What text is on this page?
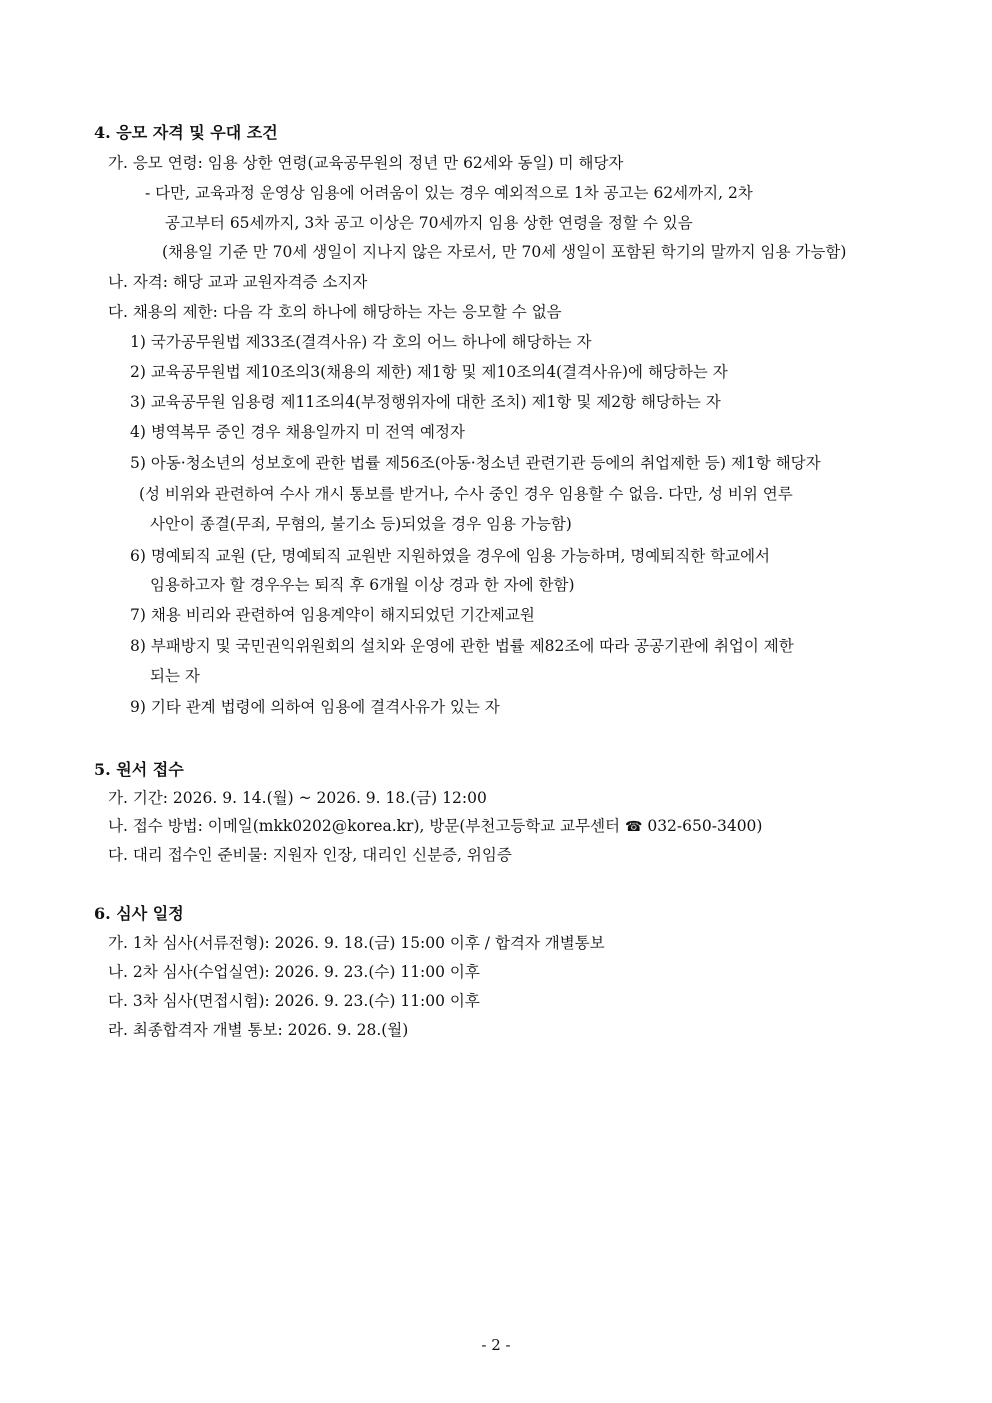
4. 응모 자격 및 우대 조건
가. 응모 연령: 임용 상한 연령(교육공무원의 정년 만 62세와 동일) 미 해당자
- 다만, 교육과정 운영상 임용에 어려움이 있는 경우 예외적으로 1차 공고는 62세까지, 2차
공고부터 65세까지, 3차 공고 이상은 70세까지 임용 상한 연령을 정할 수 있음
(채용일 기준 만 70세 생일이 지나지 않은 자로서, 만 70세 생일이 포함된 학기의 말까지 임용 가능함)
나. 자격: 해당 교과 교원자격증 소지자
다. 채용의 제한: 다음 각 호의 하나에 해당하는 자는 응모할 수 없음
1) 국가공무원법 제33조(결격사유) 각 호의 어느 하나에 해당하는 자
2) 교육공무원법 제10조의3(채용의 제한) 제1항 및 제10조의4(결격사유)에 해당하는 자
3) 교육공무원 임용령 제11조의4(부정행위자에 대한 조치) 제1항 및 제2항 해당하는 자
4) 병역복무 중인 경우 채용일까지 미 전역 예정자
5) 아동·청소년의 성보호에 관한 법률 제56조(아동·청소년 관련기관 등에의 취업제한 등) 제1항 해당자
(성 비위와 관련하여 수사 개시 통보를 받거나, 수사 중인 경우 임용할 수 없음. 다만, 성 비위 연루
사안이 종결(무죄, 무혐의, 불기소 등)되었을 경우 임용 가능함)
6) 명예퇴직 교원 (단, 명예퇴직 교원반 지원하였을 경우에 임용 가능하며, 명예퇴직한 학교에서
임용하고자 할 경우우는 퇴직 후 6개월 이상 경과 한 자에 한함)
7) 채용 비리와 관련하여 임용계약이 해지되었던 기간제교원
8) 부패방지 및 국민권익위원회의 설치와 운영에 관한 법률 제82조에 따라 공공기관에 취업이 제한
되는 자
9) 기타 관계 법령에 의하여 임용에 결격사유가 있는 자
5. 원서 접수
가. 기간: 2026. 9. 14.(월) ~ 2026. 9. 18.(금) 12:00
나. 접수 방법: 이메일(mkk0202@korea.kr), 방문(부천고등학교 교무센터 ☎ 032-650-3400)
다. 대리 접수인 준비물: 지원자 인장, 대리인 신분증, 위임증
6. 심사 일정
가. 1차 심사(서류전형): 2026. 9. 18.(금) 15:00 이후 / 합격자 개별통보
나. 2차 심사(수업실연): 2026. 9. 23.(수) 11:00 이후
다. 3차 심사(면접시험): 2026. 9. 23.(수) 11:00 이후
라. 최종합격자 개별 통보: 2026. 9. 28.(월)
- 2 -
